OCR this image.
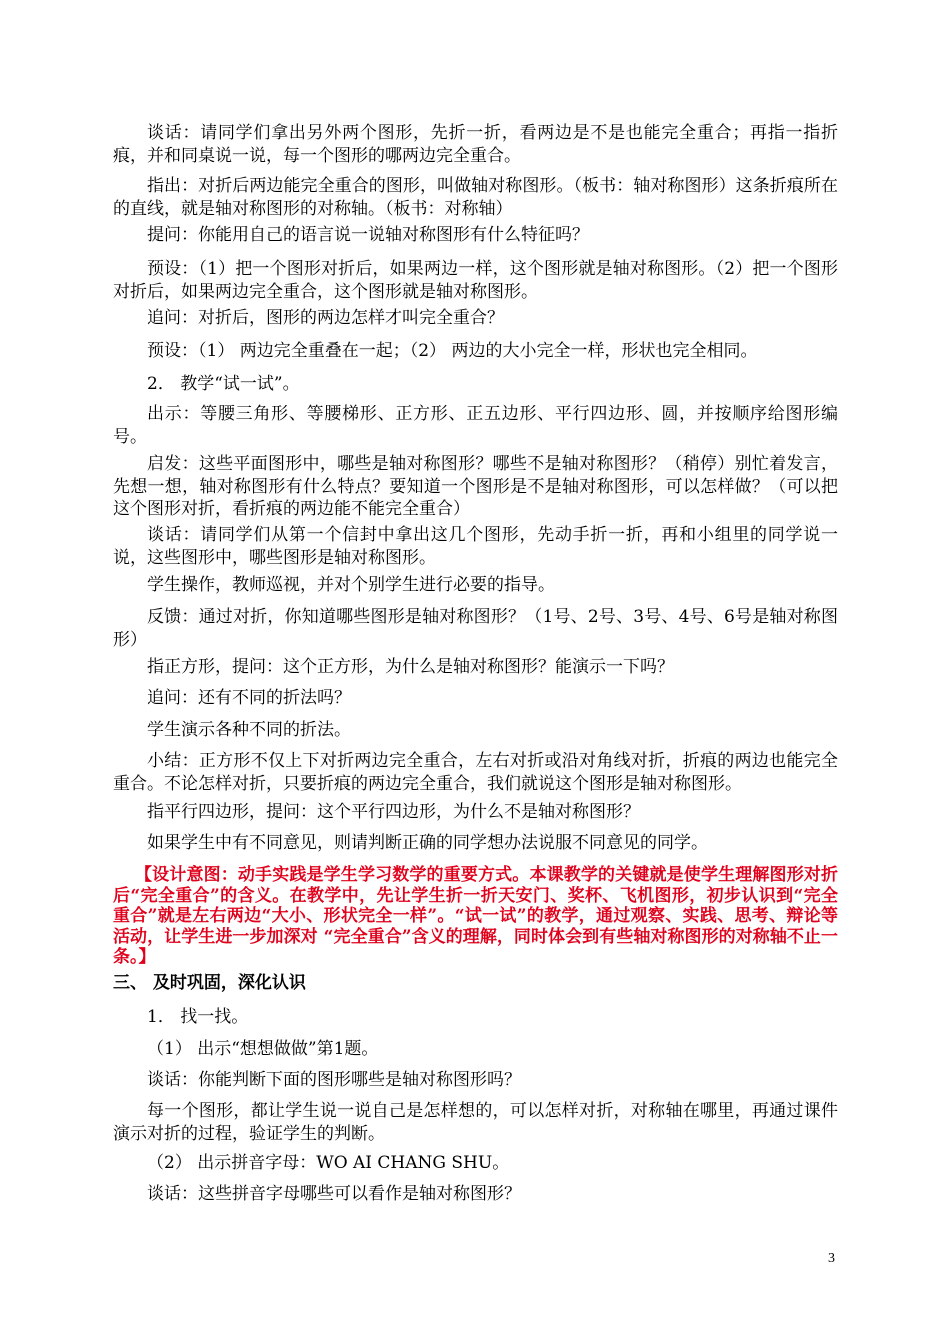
谈话：请同学们拿出另外两个图形，先折一折，看两边是不是也能完全重合；再指一指折痕，并和同桌说一说，每一个图形的哪两边完全重合。

指出：对折后两边能完全重合的图形，叫做轴对称图形。（板书：轴对称图形）这条折痕所在的直线，就是轴对称图形的对称轴。（板书：对称轴）

提问：你能用自己的语言说一说轴对称图形有什么特征吗？

预设：（1）把一个图形对折后，如果两边一样，这个图形就是轴对称图形。（2）把一个图形对折后，如果两边完全重合，这个图形就是轴对称图形。

追问：对折后，图形的两边怎样才叫完全重合？

预设：（1） 两边完全重叠在一起；（2） 两边的大小完全一样，形状也完全相同。

2． 教学“试一试”。

出示：等腰三角形、等腰梯形、正方形、正五边形、平行四边形、圆，并按顺序给图形编号。

启发：这些平面图形中，哪些是轴对称图形？哪些不是轴对称图形？（稍停）别忙着发言，先想一想，轴对称图形有什么特点？要知道一个图形是不是轴对称图形，可以怎样做？（可以把这个图形对折，看折痕的两边能不能完全重合）

谈话：请同学们从第一个信封中拿出这几个图形，先动手折一折，再和小组里的同学说一说，这些图形中，哪些图形是轴对称图形。

学生操作，教师巡视，并对个别学生进行必要的指导。

反馈：通过对折，你知道哪些图形是轴对称图形？（1号、2号、3号、4号、6号是轴对称图形）

指正方形，提问：这个正方形，为什么是轴对称图形？能演示一下吗？

追问：还有不同的折法吗？

学生演示各种不同的折法。

小结：正方形不仅上下对折两边完全重合，左右对折或沿对角线对折，折痕的两边也能完全重合。不论怎样对折，只要折痕的两边完全重合，我们就说这个图形是轴对称图形。

指平行四边形，提问：这个平行四边形，为什么不是轴对称图形？

如果学生中有不同意见，则请判断正确的同学想办法说服不同意见的同学。

【设计意图：动手实践是学生学习数学的重要方式。本课教学的关键就是使学生理解图形对折后“完全重合”的含义。在教学中，先让学生折一折天安门、奖杯、飞机图形，初步认识到“完全重合”就是左右两边“大小、形状完全一样”。“试一试”的教学，通过观察、实践、思考、辩论等活动，让学生进一步加深对 “完全重合”含义的理解，同时体会到有些轴对称图形的对称轴不止一条。】

三、 及时巩固，深化认识

1． 找一找。

（1） 出示“想想做做”第1题。

谈话：你能判断下面的图形哪些是轴对称图形吗？

每一个图形，都让学生说一说自己是怎样想的，可以怎样对折，对称轴在哪里，再通过课件演示对折的过程，验证学生的判断。

（2） 出示拼音字母：WO AI CHANG SHU。

谈话：这些拼音字母哪些可以看作是轴对称图形？

3
